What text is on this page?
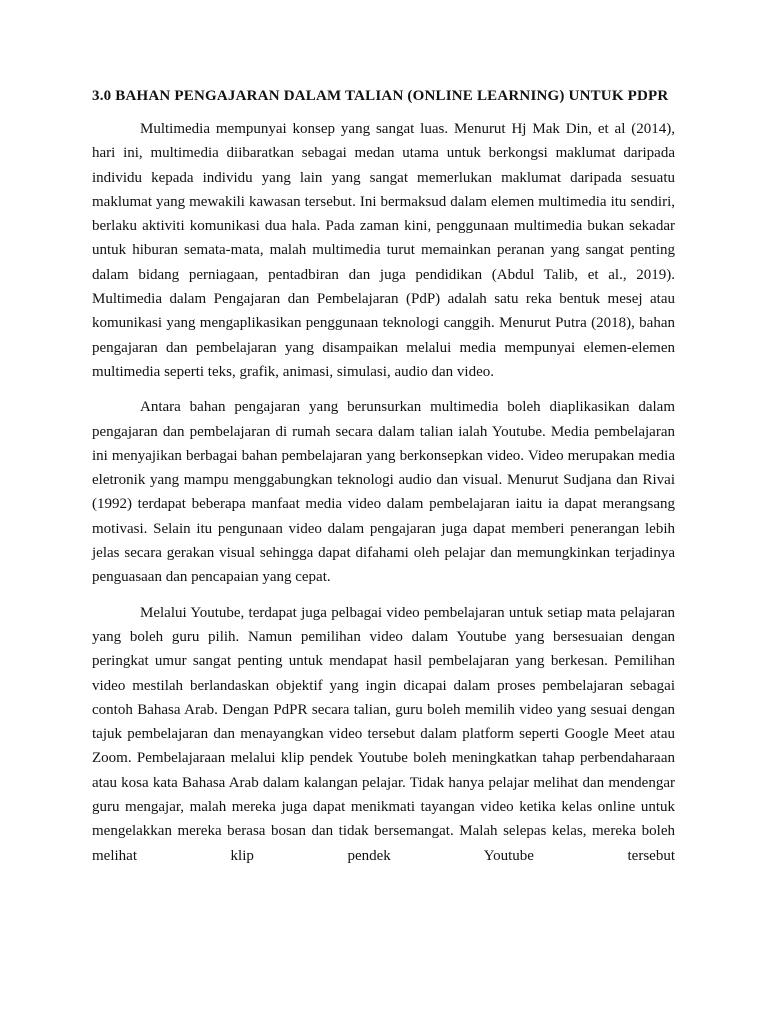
3.0 BAHAN PENGAJARAN DALAM TALIAN (ONLINE LEARNING) UNTUK PDPR

Multimedia mempunyai konsep yang sangat luas. Menurut Hj Mak Din, et al (2014), hari ini, multimedia diibaratkan sebagai medan utama untuk berkongsi maklumat daripada individu kepada individu yang lain yang sangat memerlukan maklumat daripada sesuatu maklumat yang mewakili kawasan tersebut. Ini bermaksud dalam elemen multimedia itu sendiri, berlaku aktiviti komunikasi dua hala. Pada zaman kini, penggunaan multimedia bukan sekadar untuk hiburan semata-mata, malah multimedia turut memainkan peranan yang sangat penting dalam bidang perniagaan, pentadbiran dan juga pendidikan (Abdul Talib, et al., 2019). Multimedia dalam Pengajaran dan Pembelajaran (PdP) adalah satu reka bentuk mesej atau komunikasi yang mengaplikasikan penggunaan teknologi canggih. Menurut Putra (2018), bahan pengajaran dan pembelajaran yang disampaikan melalui media mempunyai elemen-elemen multimedia seperti teks, grafik, animasi, simulasi, audio dan video.

Antara bahan pengajaran yang berunsurkan multimedia boleh diaplikasikan dalam pengajaran dan pembelajaran di rumah secara dalam talian ialah Youtube. Media pembelajaran ini menyajikan berbagai bahan pembelajaran yang berkonsepkan video. Video merupakan media eletronik yang mampu menggabungkan teknologi audio dan visual. Menurut Sudjana dan Rivai (1992) terdapat beberapa manfaat media video dalam pembelajaran iaitu ia dapat merangsang motivasi. Selain itu pengunaan video dalam pengajaran juga dapat memberi penerangan lebih jelas secara gerakan visual sehingga dapat difahami oleh pelajar dan memungkinkan terjadinya penguasaan dan pencapaian yang cepat.

Melalui Youtube, terdapat juga pelbagai video pembelajaran untuk setiap mata pelajaran yang boleh guru pilih. Namun pemilihan video dalam Youtube yang bersesuaian dengan peringkat umur sangat penting untuk mendapat hasil pembelajaran yang berkesan. Pemilihan video mestilah berlandaskan objektif yang ingin dicapai dalam proses pembelajaran sebagai contoh Bahasa Arab. Dengan PdPR secara talian, guru boleh memilih video yang sesuai dengan tajuk pembelajaran dan menayangkan video tersebut dalam platform seperti Google Meet atau Zoom. Pembelajaraan melalui klip pendek Youtube boleh meningkatkan tahap perbendaharaan atau kosa kata Bahasa Arab dalam kalangan pelajar. Tidak hanya pelajar melihat dan mendengar guru mengajar, malah mereka juga dapat menikmati tayangan video ketika kelas online untuk mengelakkan mereka berasa bosan dan tidak bersemangat. Malah selepas kelas, mereka boleh melihat klip pendek Youtube tersebut
